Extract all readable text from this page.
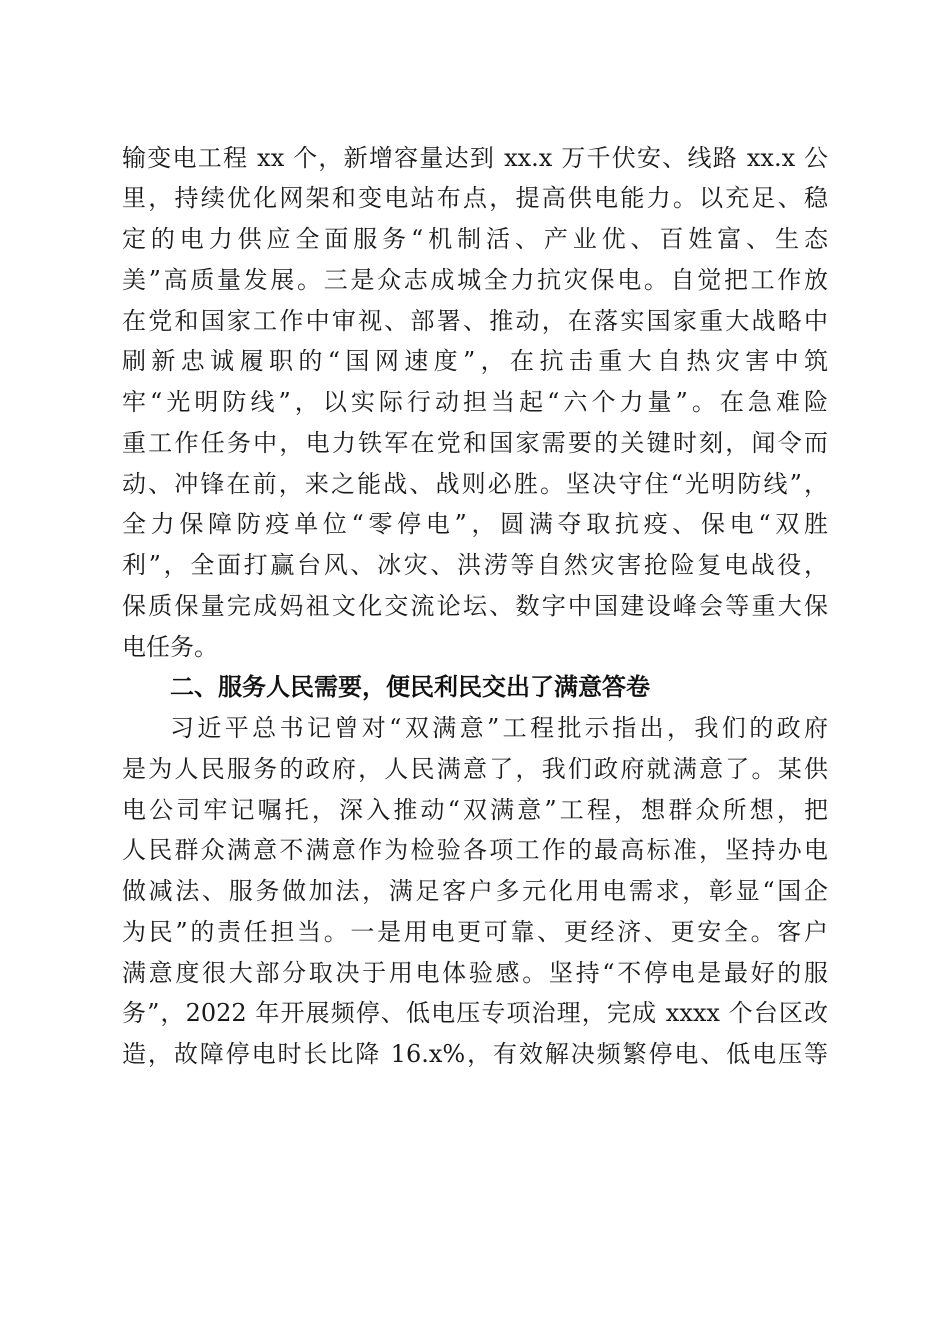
输变电工程 xx 个，新增容量达到 xx.x 万千伏安、线路 xx.x 公
里，持续优化网架和变电站布点，提高供电能力。以充足、稳
定的电力供应全面服务“机制活、产业优、百姓富、生态
美”高质量发展。三是众志成城全力抗灾保电。自觉把工作放
在党和国家工作中审视、部署、推动，在落实国家重大战略中
刷新忠诚履职的“国网速度”，在抗击重大自热灾害中筑
牢“光明防线”，以实际行动担当起“六个力量”。在急难险
重工作任务中，电力铁军在党和国家需要的关键时刻，闻令而
动、冲锋在前，来之能战、战则必胜。坚决守住“光明防线”，
全力保障防疫单位“零停电”，圆满夺取抗疫、保电“双胜
利”，全面打赢台风、冰灾、洪涝等自然灾害抢险复电战役，
保质保量完成妈祖文化交流论坛、数字中国建设峰会等重大保
电任务。
二、服务人民需要，便民利民交出了满意答卷
习近平总书记曾对“双满意”工程批示指出，我们的政府
是为人民服务的政府，人民满意了，我们政府就满意了。某供
电公司牢记嘱托，深入推动“双满意”工程，想群众所想，把
人民群众满意不满意作为检验各项工作的最高标准，坚持办电
做减法、服务做加法，满足客户多元化用电需求，彰显“国企
为民”的责任担当。一是用电更可靠、更经济、更安全。客户
满意度很大部分取决于用电体验感。坚持“不停电是最好的服
务”，2022 年开展频停、低电压专项治理，完成 xxxx 个台区改
造，故障停电时长比降 16.x%，有效解决频繁停电、低电压等
